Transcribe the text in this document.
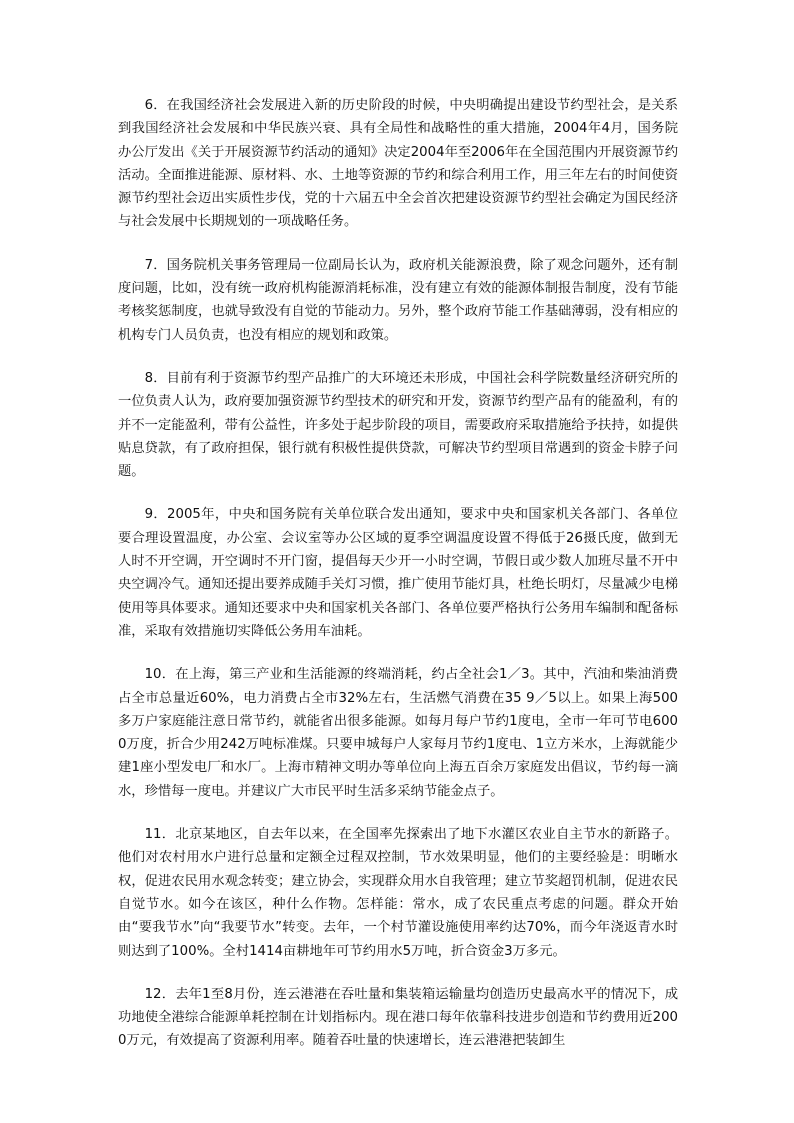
6．在我国经济社会发展进入新的历史阶段的时候，中央明确提出建设节约型社会，是关系到我国经济社会发展和中华民族兴衰、具有全局性和战略性的重大措施，2004年4月，国务院办公厅发出《关于开展资源节约活动的通知》决定2004年至2006年在全国范围内开展资源节约活动。全面推进能源、原材料、水、土地等资源的节约和综合利用工作，用三年左右的时间使资源节约型社会迈出实质性步伐，党的十六届五中全会首次把建设资源节约型社会确定为国民经济与社会发展中长期规划的一项战略任务。

7．国务院机关事务管理局一位副局长认为，政府机关能源浪费，除了观念问题外，还有制度问题，比如，没有统一政府机构能源消耗标准，没有建立有效的能源体制报告制度，没有节能考核奖惩制度，也就导致没有自觉的节能动力。另外，整个政府节能工作基础薄弱，没有相应的机构专门人员负责，也没有相应的规划和政策。

8．目前有利于资源节约型产品推广的大环境还未形成，中国社会科学院数量经济研究所的一位负责人认为，政府要加强资源节约型技术的研究和开发，资源节约型产品有的能盈利，有的并不一定能盈利，带有公益性，许多处于起步阶段的项目，需要政府采取措施给予扶持，如提供贴息贷款，有了政府担保，银行就有积极性提供贷款，可解决节约型项目常遇到的资金卡脖子问题。

9．2005年，中央和国务院有关单位联合发出通知，要求中央和国家机关各部门、各单位要合理设置温度，办公室、会议室等办公区域的夏季空调温度设置不得低于26摄氏度，做到无人时不开空调，开空调时不开门窗，提倡每天少开一小时空调，节假日或少数人加班尽量不开中央空调冷气。通知还提出要养成随手关灯习惯，推广使用节能灯具，杜绝长明灯，尽量减少电梯使用等具体要求。通知还要求中央和国家机关各部门、各单位要严格执行公务用车编制和配备标准，采取有效措施切实降低公务用车油耗。

10．在上海，第三产业和生活能源的终端消耗，约占全社会1／3。其中，汽油和柴油消费占全市总量近60%，电力消费占全市32%左右，生活燃气消费在35 9／5以上。如果上海500多万户家庭能注意日常节约，就能省出很多能源。如每月每户节约1度电，全市一年可节电6000万度，折合少用242万吨标准煤。只要申城每户人家每月节约1度电、1立方米水，上海就能少建1座小型发电厂和水厂。上海市精神文明办等单位向上海五百余万家庭发出倡议，节约每一滴水，珍惜每一度电。并建议广大市民平时生活多采纳节能金点子。

11．北京某地区，自去年以来，在全国率先探索出了地下水灌区农业自主节水的新路子。他们对农村用水户进行总量和定额全过程双控制，节水效果明显，他们的主要经验是：明晰水权，促进农民用水观念转变；建立协会，实现群众用水自我管理；建立节奖超罚机制，促进农民自觉节水。如今在该区，种什么作物。怎样能：常水，成了农民重点考虑的问题。群众开始由“要我节水”向“我要节水”转变。去年，一个村节灌设施使用率约达70%，而今年浇返青水时则达到了100%。全村1414亩耕地年可节约用水5万吨，折合资金3万多元。

12．去年1至8月份，连云港港在吞吐量和集装箱运输量均创造历史最高水平的情况下，成功地使全港综合能源单耗控制在计划指标内。现在港口每年依靠科技进步创造和节约费用近2000万元，有效提高了资源利用率。随着吞吐量的快速增长，连云港港把装卸生
